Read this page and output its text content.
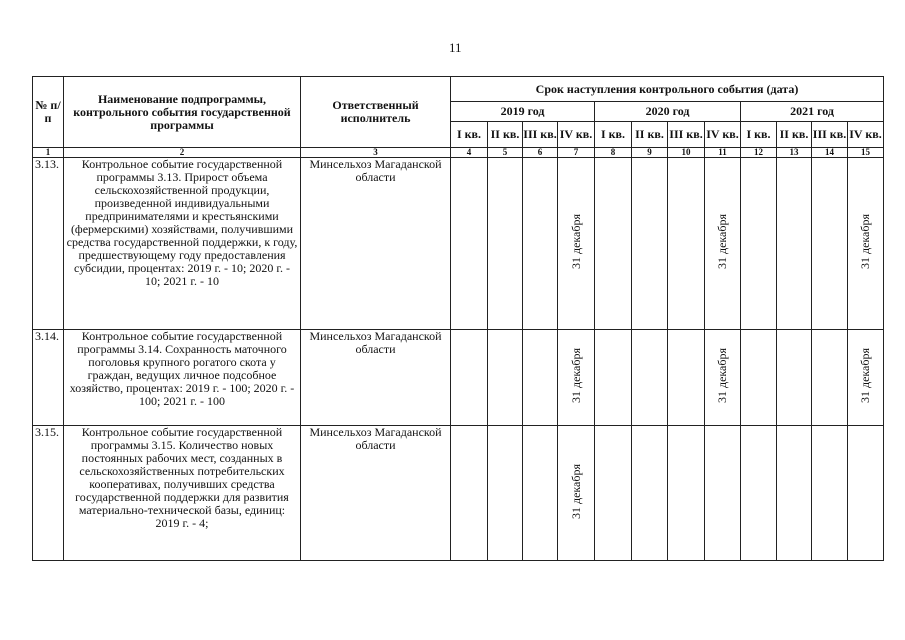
11
№ п/п	Наименование подпрограммы, контрольного события государственной программы	Ответственный исполнитель	Срок наступления контрольного события (дата)											
			2019 год				2020 год				2021 год			
			I кв.	II кв.	III кв.	IV кв.	I кв.	II кв.	III кв.	IV кв.	I кв.	II кв.	III кв.	IV кв.
1	2	3	4	5	6	7	8	9	10	11	12	13	14	15
3.13.	Контрольное событие государственной программы 3.13. Прирост объема сельскохозяйственной продукции, произведенной индивидуальными предпринимателями и крестьянскими (фермерскими) хозяйствами, получившими средства государственной поддержки, к году, предшествующему году предоставления субсидии, процентах: 2019 г. - 10; 2020 г. - 10; 2021 г. - 10	Минсельхоз Магаданской области				31 декабря				31 декабря				31 декабря
3.14.	Контрольное событие государственной программы 3.14. Сохранность маточного поголовья крупного рогатого скота у граждан, ведущих личное подсобное хозяйство, процентах: 2019 г. - 100; 2020 г. - 100; 2021 г. - 100	Минсельхоз Магаданской области				31 декабря				31 декабря				31 декабря
3.15.	Контрольное событие государственной программы 3.15. Количество новых постоянных рабочих мест, созданных в сельскохозяйственных потребительских кооперативах, получивших средства государственной поддержки для развития материально-технической базы, единиц: 2019 г. - 4;	Минсельхоз Магаданской области				31 декабря								
